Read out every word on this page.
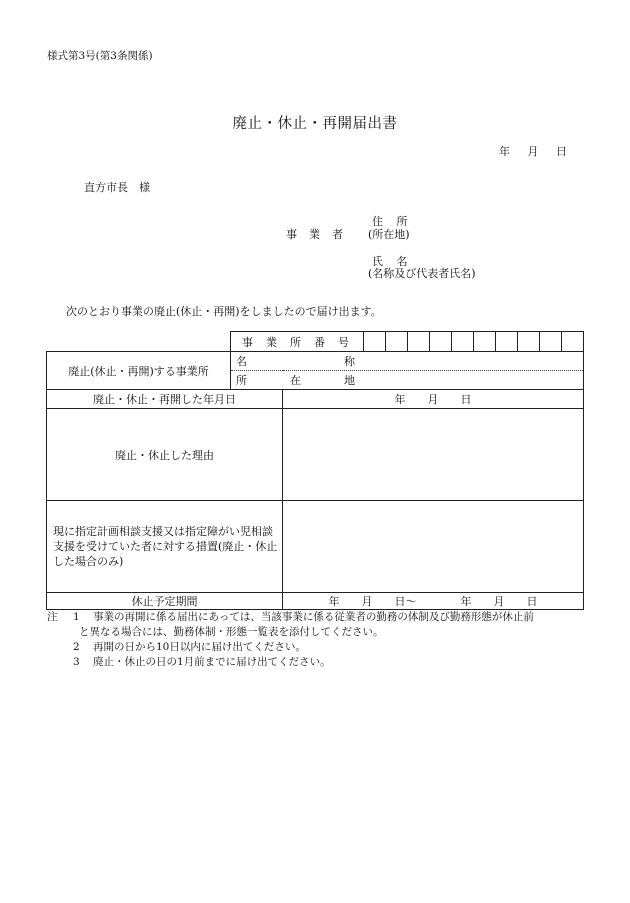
様式第3号(第3条関係)
廃止・休止・再開届出書
年 月 日
直方市長　様
住 所
事業者 (所在地)
氏 名
(名称及び代表者氏名)
次のとおり事業の廃止(休止・再開)をしましたので届け出ます。
事業所番号										
廃止(休止・再開)する事業所	名　　　称	
	所　　在　　地	
廃止・休止・再開した年月日		年　　月　　日
廃止・休止した理由		
現に指定計画相談支援又は指定障がい児相談支援を受けていた者に対する措置(廃止・休止した場合のみ)		
休止予定期間		年　　月　　日〜　　　　年　　月　　日
注	1	事業の再開に係る届出にあっては、当該事業に係る従業者の勤務の体制及び勤務形態が休止前
と異なる場合には、勤務体制・形態一覧表を添付してください。
2	再開の日から10日以内に届け出てください。
3	廃止・休止の日の1月前までに届け出てください。
